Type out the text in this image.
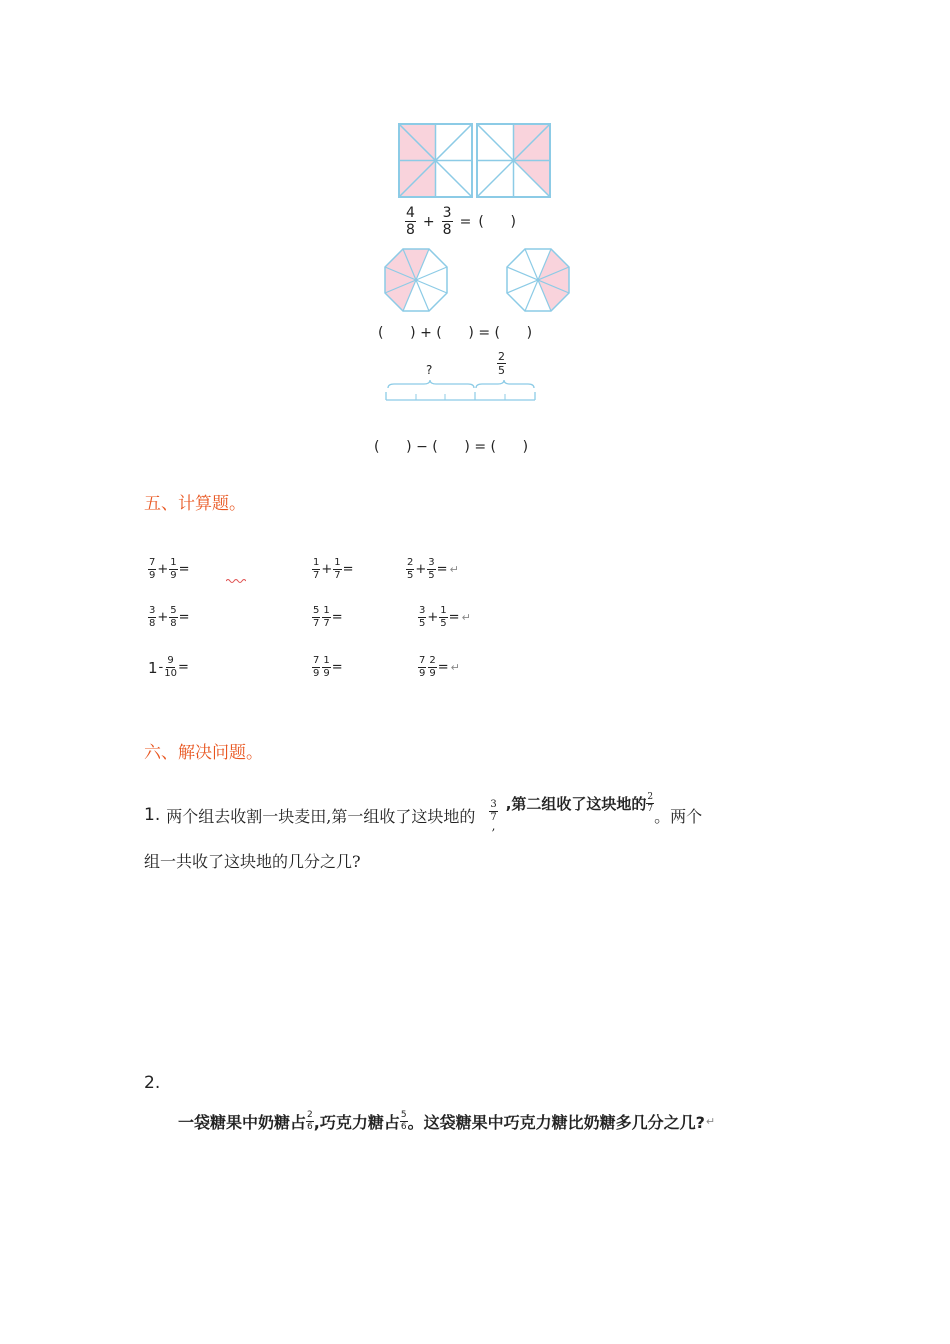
$\frac{4}{8} + \frac{3}{8}$ = (      )
(      ) + (      ) = (      )
?	$\frac{2}{5}$
(      ) − (      ) = (      )
五、计算题。
$\frac{7}{9} + \frac{1}{9}$ =	$\frac{1}{7} + \frac{1}{7}$ =	$\frac{2}{5} + \frac{3}{5}$ = ↵
$\frac{3}{8} + \frac{5}{8}$ =	$\frac{5}{7} \frac{1}{7}$ =	$\frac{3}{5} + \frac{1}{5}$ = ↵
$1 - \frac{9}{10}$ =	$\frac{7}{9} \frac{1}{9}$ =	$\frac{7}{9} \frac{2}{9}$ = ↵
六、解决问题。
1. 两个组去收割一块麦田,第一组收了这块地的 $\frac{3}{7}$
,
,第二组收了这块地的 $\frac{2}{7}$
。两个
组一共收了这块地的几分之几?
2.
一袋糖果中奶糖占 $\frac{2}{6}$ ,巧克力糖占 $\frac{5}{6}$ 。这袋糖果中巧克力糖比奶糖多几分之几? ↵
